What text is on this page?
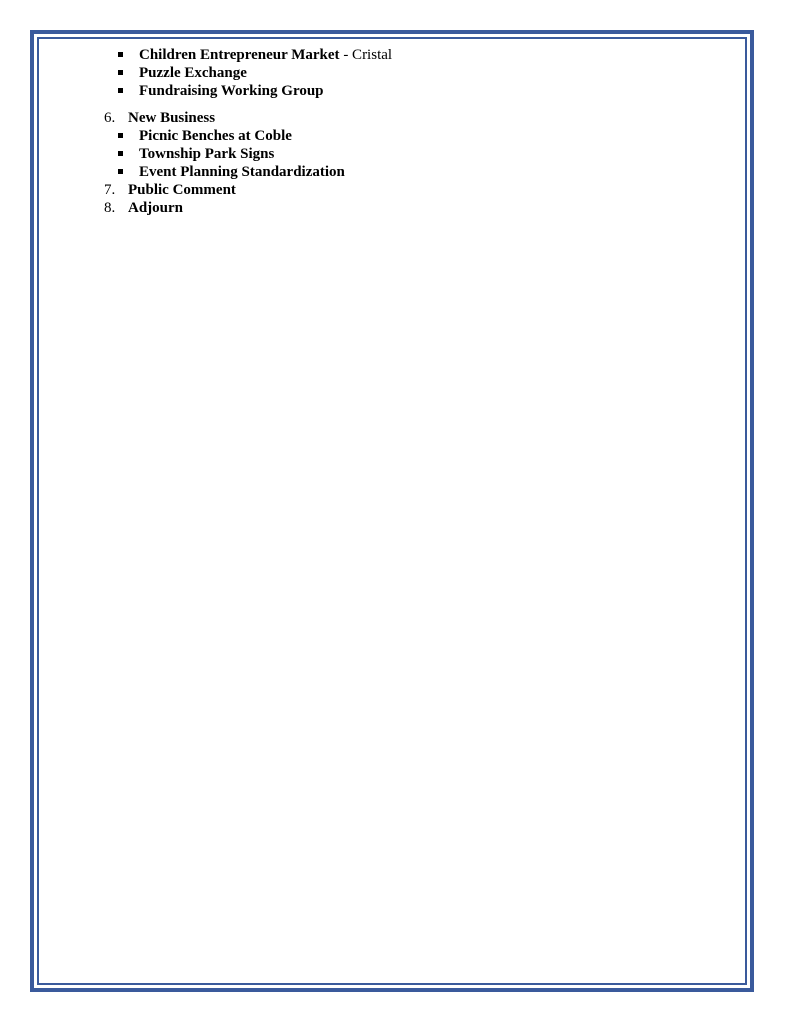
Children Entrepreneur Market - Cristal
Puzzle Exchange
Fundraising Working Group
6. New Business
Picnic Benches at Coble
Township Park Signs
Event Planning Standardization
7. Public Comment
8. Adjourn
